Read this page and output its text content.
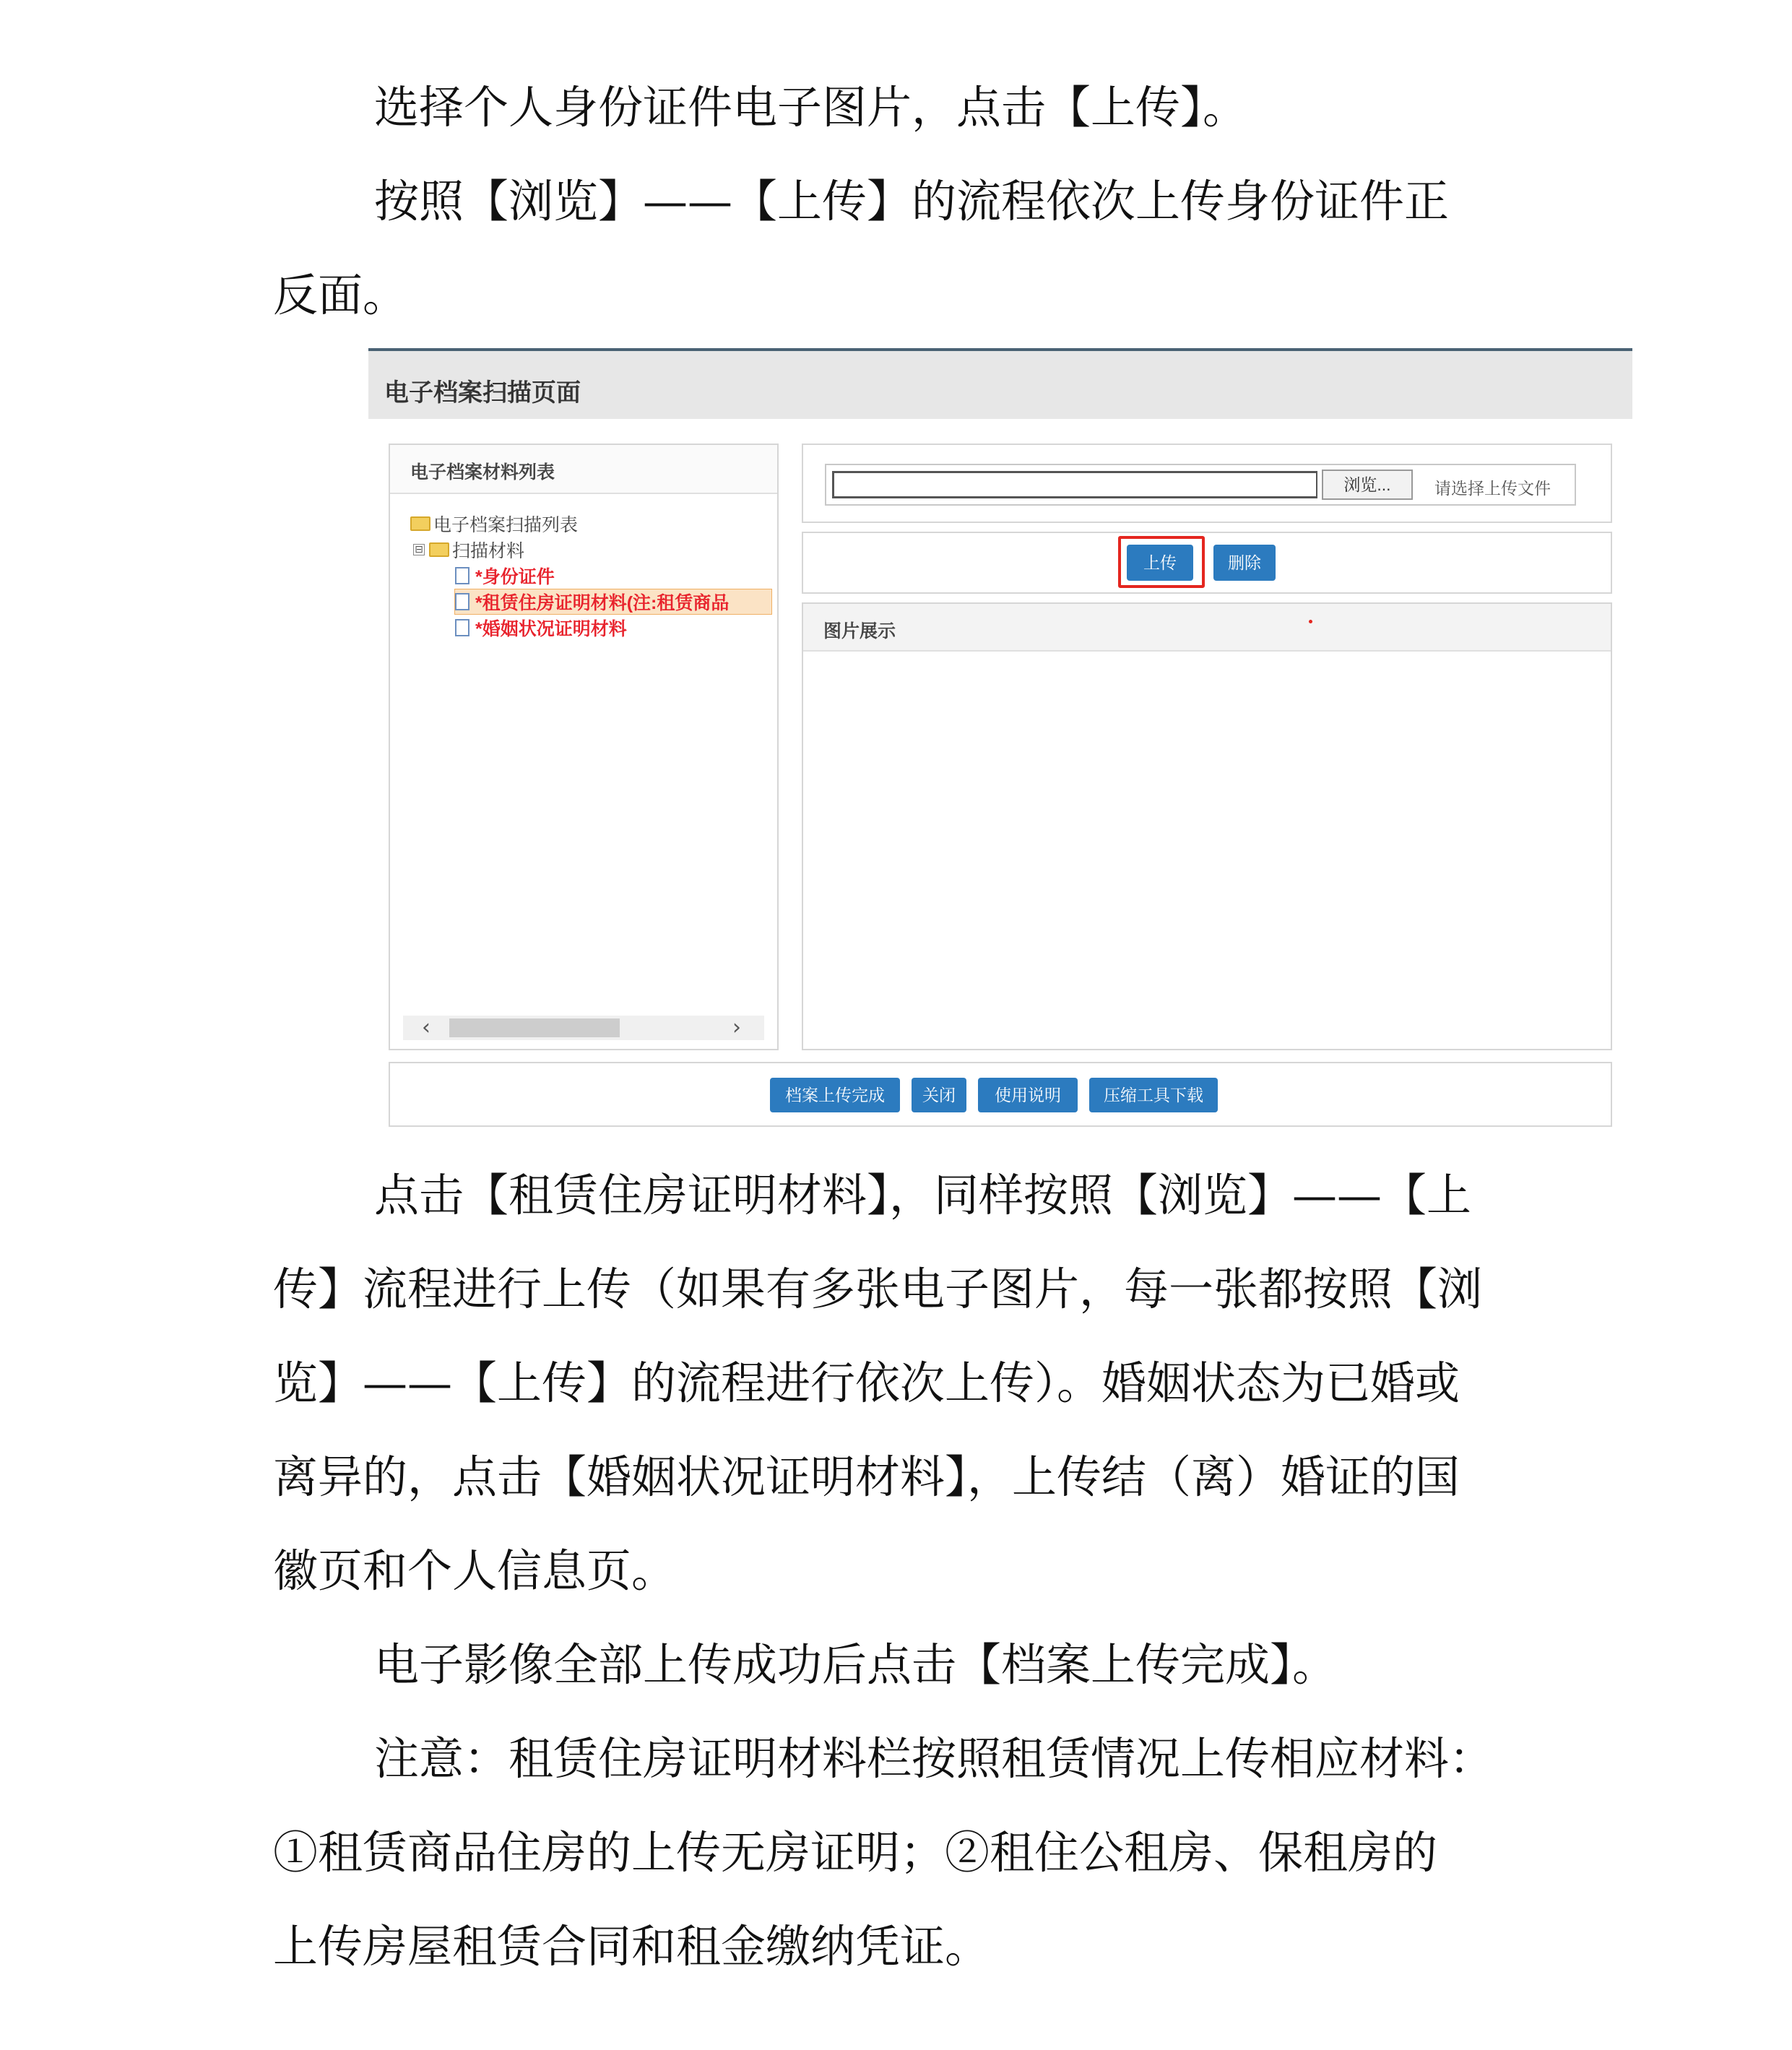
选择个人身份证件电子图片，点击【上传】。

按照【浏览】——【上传】的流程依次上传身份证件正

反面。

电子档案扫描页面
电子档案材料列表
电子档案扫描列表
⊟ 扫描材料
*身份证件
*租赁住房证明材料(注:租赁商品
*婚姻状况证明材料
‹	›
浏览...	请选择上传文件
上传	删除
图片展示
档案上传完成	关闭	使用说明	压缩工具下载

点击【租赁住房证明材料】，同样按照【浏览】——【上

传】流程进行上传（如果有多张电子图片，每一张都按照【浏

览】——【上传】的流程进行依次上传）。婚姻状态为已婚或

离异的，点击【婚姻状况证明材料】，上传结（离）婚证的国

徽页和个人信息页。

电子影像全部上传成功后点击【档案上传完成】。

注意：租赁住房证明材料栏按照租赁情况上传相应材料：

①租赁商品住房的上传无房证明；②租住公租房、保租房的

上传房屋租赁合同和租金缴纳凭证。
